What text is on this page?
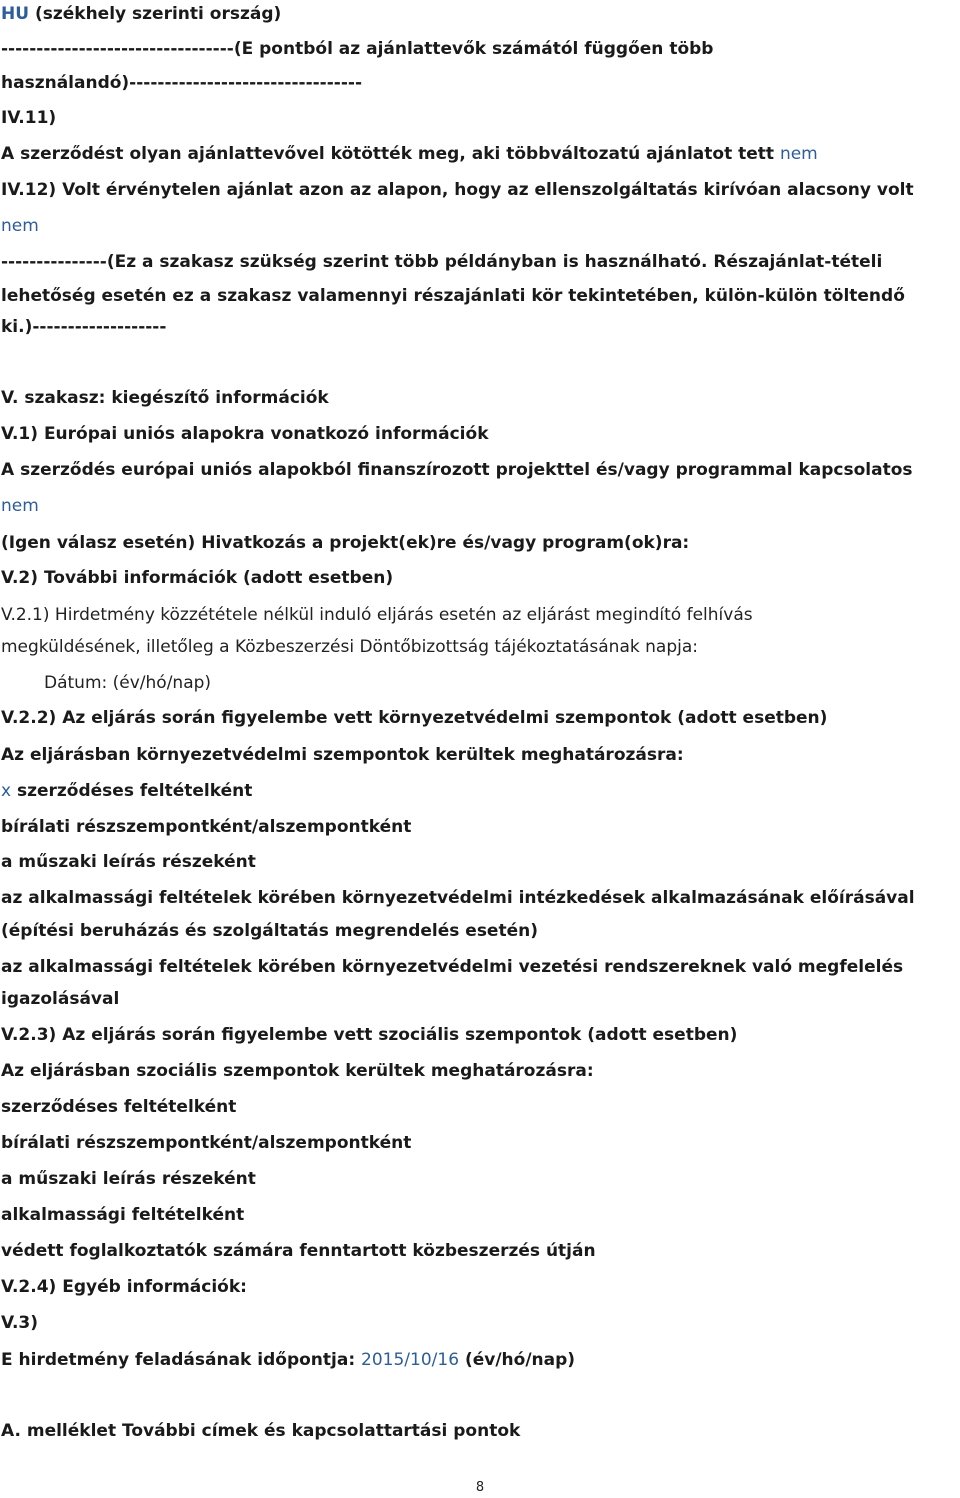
HU (székhely szerinti ország)
---------------------------------(E pontból az ajánlattevők számától függően több
használandó)---------------------------------
IV.11)
A szerződést olyan ajánlattevővel kötötték meg, aki többváltozatú ajánlatot tett nem
IV.12) Volt érvénytelen ajánlat azon az alapon, hogy az ellenszolgáltatás kirívóan alacsony volt
nem
---------------(Ez a szakasz szükség szerint több példányban is használható. Részajánlat-tételi
lehetőség esetén ez a szakasz valamennyi részajánlati kör tekintetében, külön-külön töltendő
ki.)-------------------
V. szakasz: kiegészítő információk
V.1) Európai uniós alapokra vonatkozó információk
A szerződés európai uniós alapokból finanszírozott projekttel és/vagy programmal kapcsolatos
nem
(Igen válasz esetén) Hivatkozás a projekt(ek)re és/vagy program(ok)ra:
V.2) További információk (adott esetben)
V.2.1) Hirdetmény közzététele nélkül induló eljárás esetén az eljárást megindító felhívás
megküldésének, illetőleg a Közbeszerzési Döntőbizottság tájékoztatásának napja:
Dátum: (év/hó/nap)
V.2.2) Az eljárás során figyelembe vett környezetvédelmi szempontok (adott esetben)
Az eljárásban környezetvédelmi szempontok kerültek meghatározásra:
x szerződéses feltételként
bírálati részszempontként/alszempontként
a műszaki leírás részeként
az alkalmassági feltételek körében környezetvédelmi intézkedések alkalmazásának előírásával
(építési beruházás és szolgáltatás megrendelés esetén)
az alkalmassági feltételek körében környezetvédelmi vezetési rendszereknek való megfelelés
igazolásával
V.2.3) Az eljárás során figyelembe vett szociális szempontok (adott esetben)
Az eljárásban szociális szempontok kerültek meghatározásra:
szerződéses feltételként
bírálati részszempontként/alszempontként
a műszaki leírás részeként
alkalmassági feltételként
védett foglalkoztatók számára fenntartott közbeszerzés útján
V.2.4) Egyéb információk:
V.3)
E hirdetmény feladásának időpontja: 2015/10/16 (év/hó/nap)
A. melléklet További címek és kapcsolattartási pontok
8
